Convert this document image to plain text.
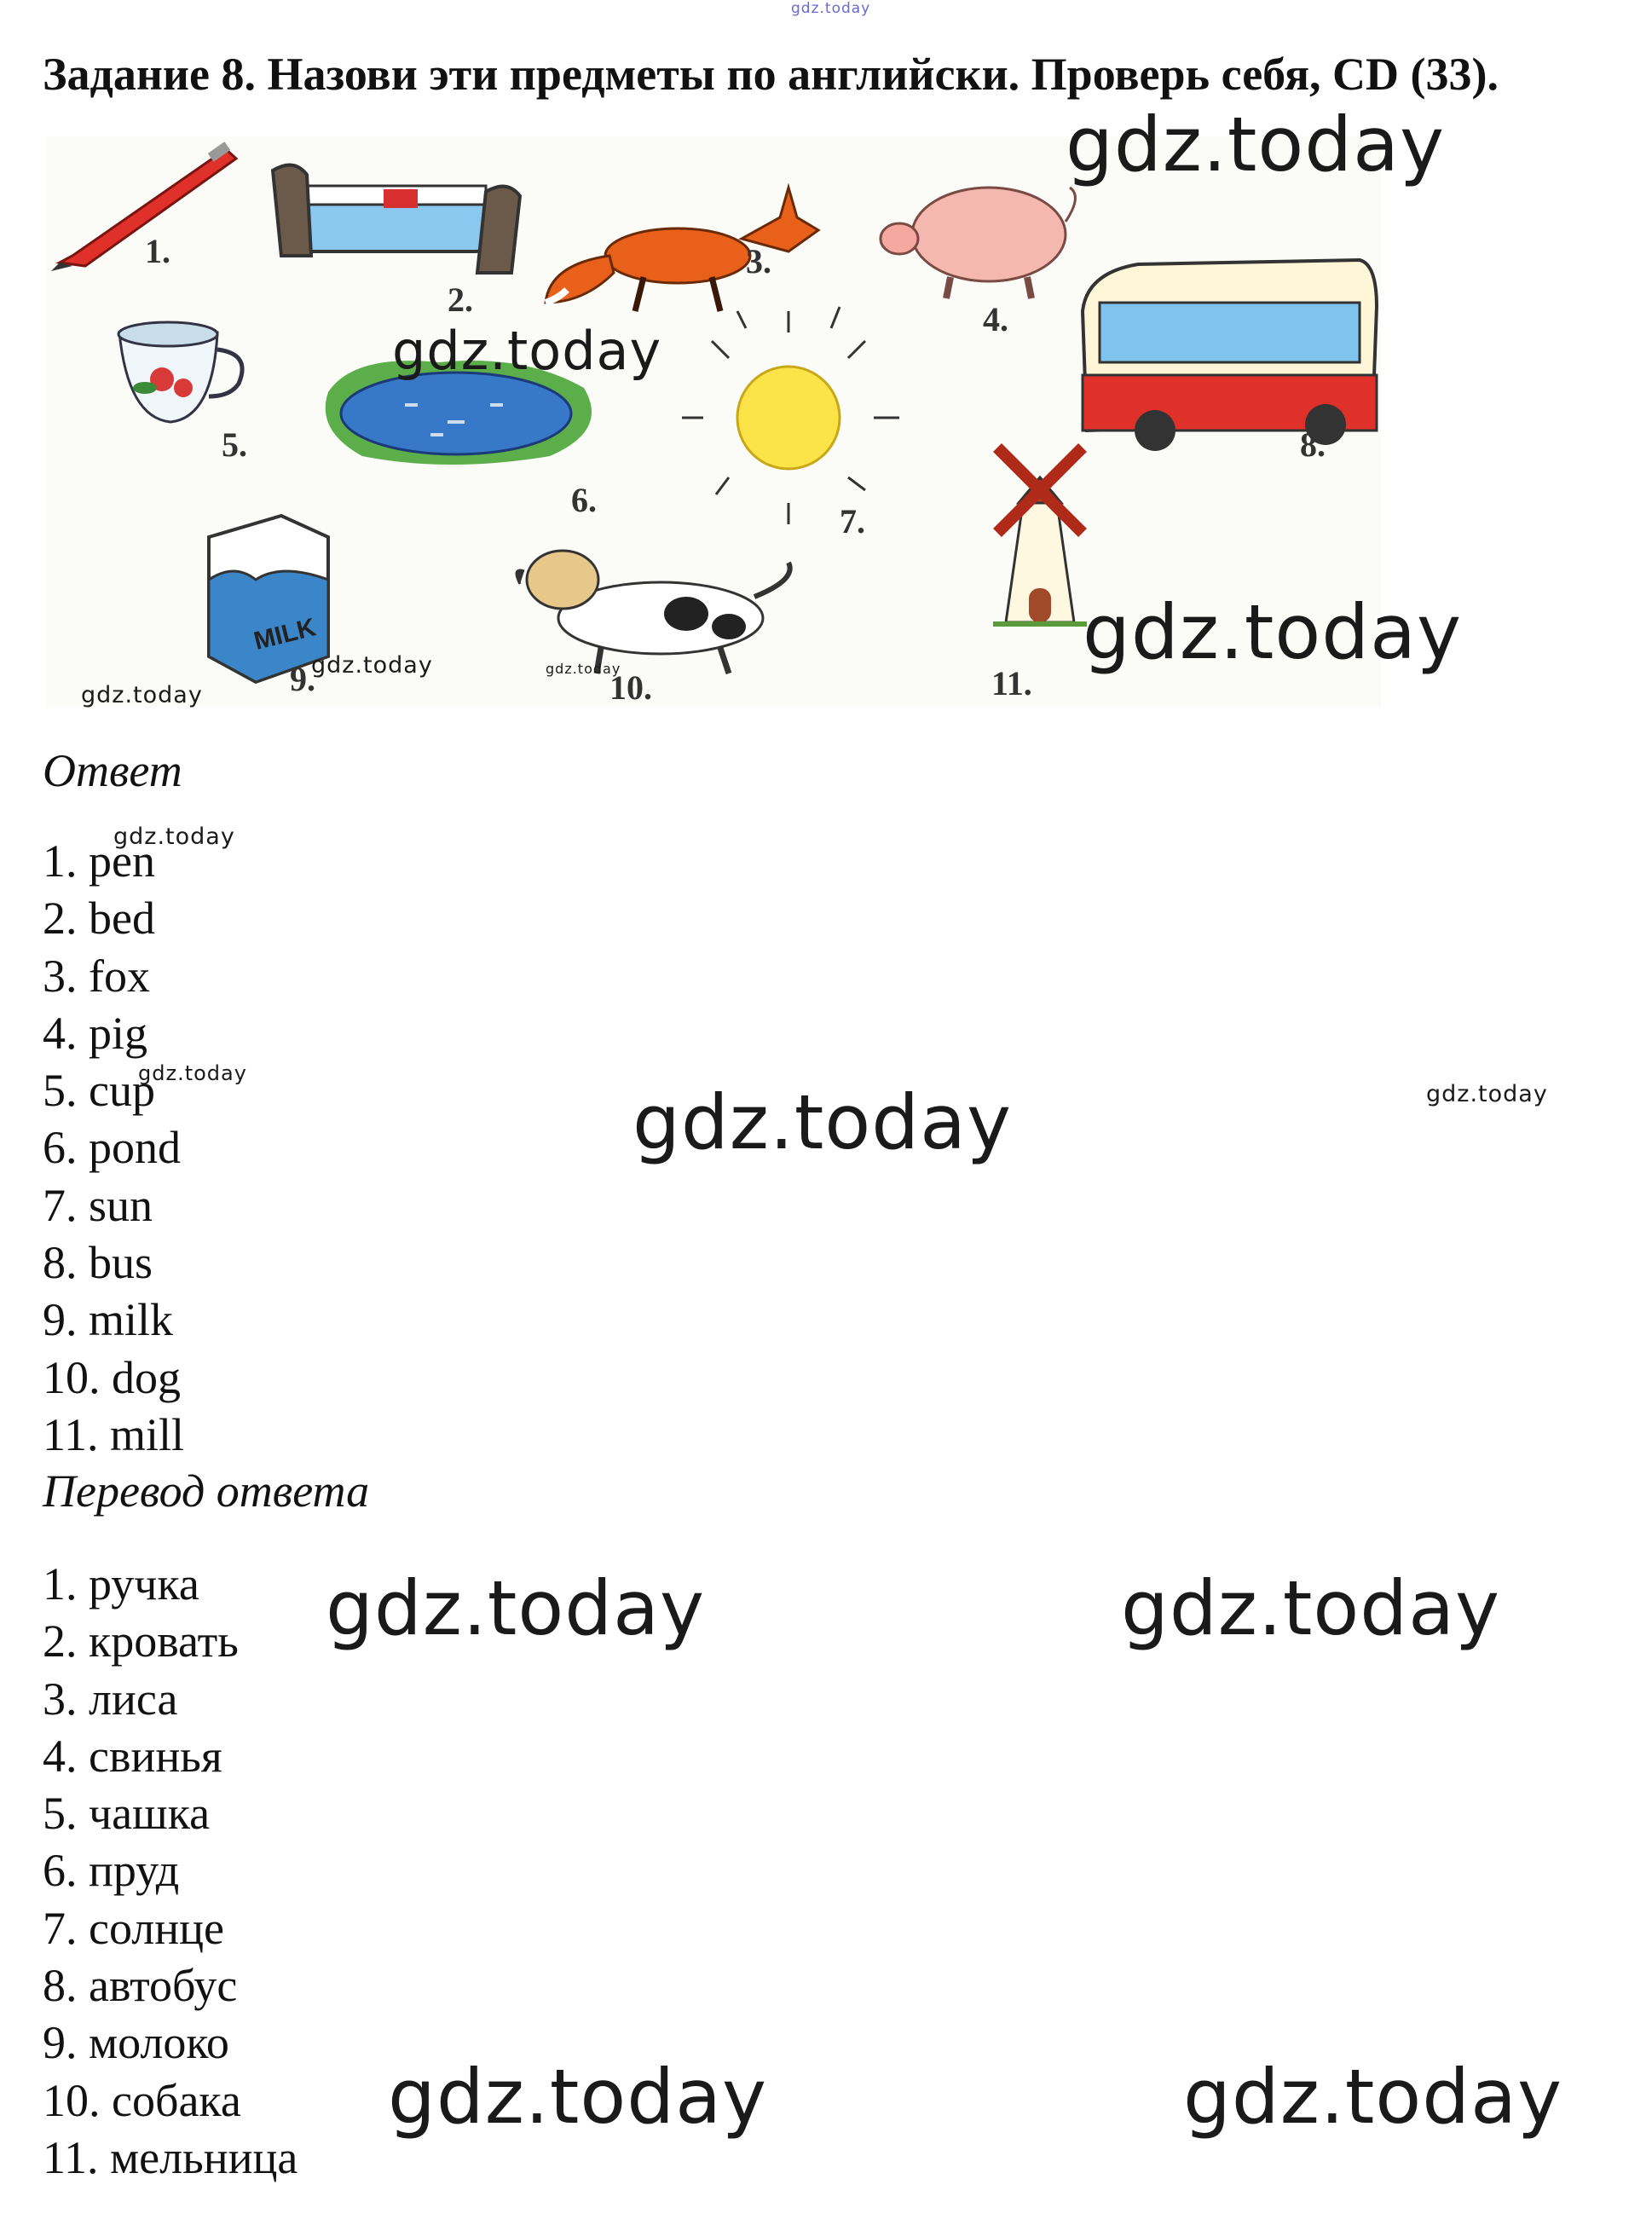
gdz.today
Задание 8. Назови эти предметы по английски. Проверь себя, CD (33).
1.
2.
3.
4.
5.
6.
7.
8.
MILK
9.	10.	11.
gdz.today
gdz.today
gdz.today
gdz.today	gdz.today
gdz.today
Ответ
1. pen
2. bed
3. fox
4. pig
5. cup
6. pond
7. sun
8. bus
9. milk
10. dog
11. mill
gdz.today
gdz.today
gdz.today	gdz.today
Перевод ответа
1. ручка
2. кровать
3. лиса
4. свинья
5. чашка
6. пруд
7. солнце
8. автобус
9. молоко
10. собака
11. мельница
gdz.today	gdz.today
gdz.today	gdz.today
